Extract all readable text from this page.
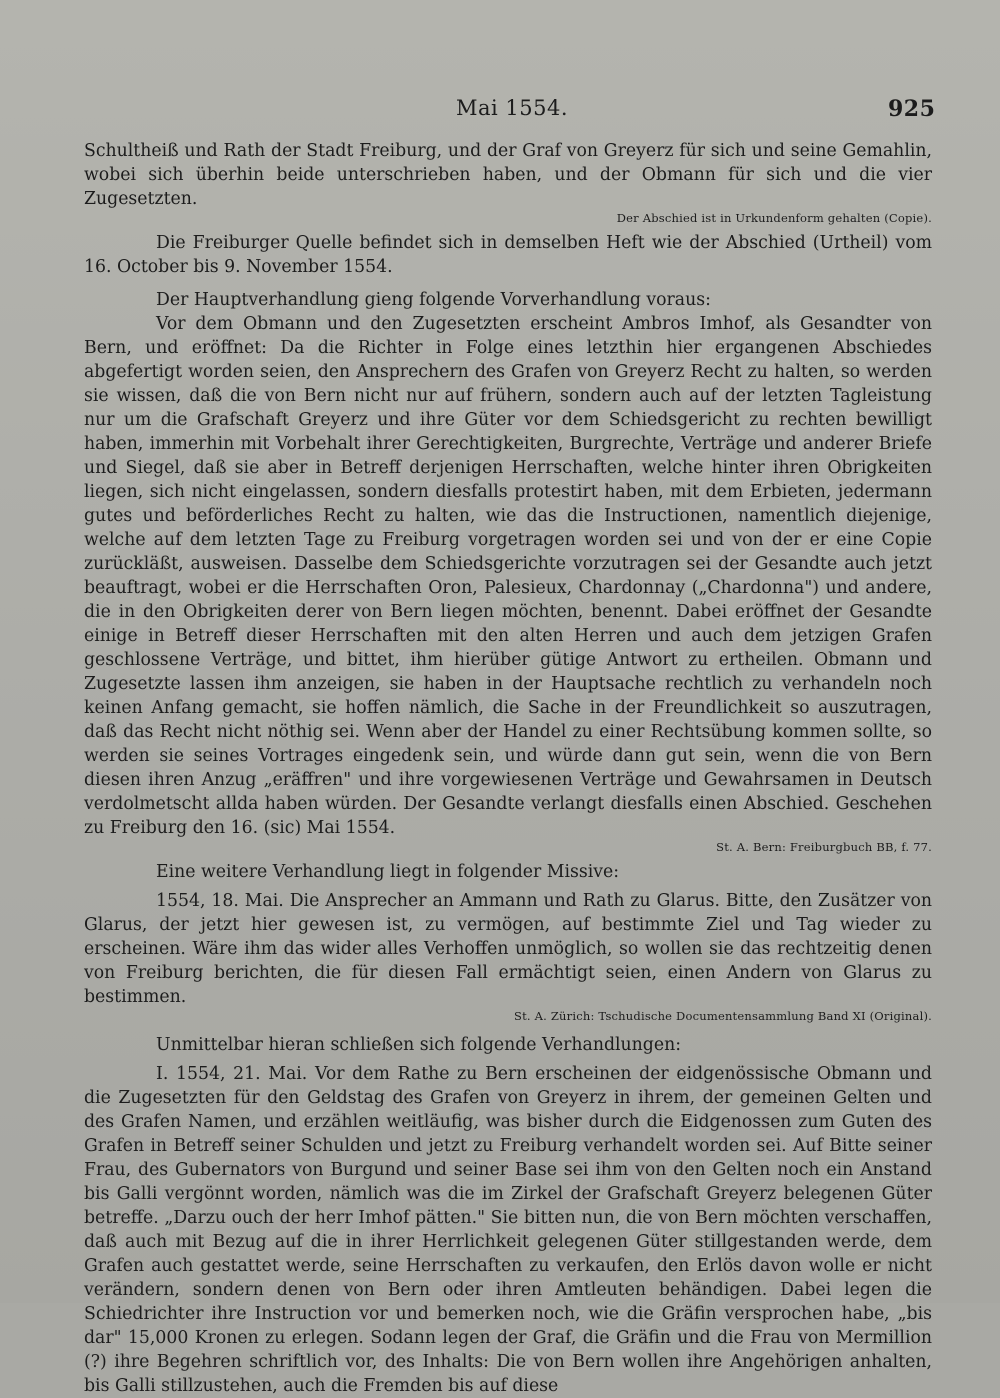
Mai 1554.	925

Schultheiß und Rath der Stadt Freiburg, und der Graf von Greyerz für sich und seine Gemahlin, wobei sich überhin beide unterschrieben haben, und der Obmann für sich und die vier Zugesetzten.

Der Abschied ist in Urkundenform gehalten (Copie).

Die Freiburger Quelle befindet sich in demselben Heft wie der Abschied (Urtheil) vom 16. October bis 9. November 1554.

Der Hauptverhandlung gieng folgende Vorverhandlung voraus:

Vor dem Obmann und den Zugesetzten erscheint Ambros Imhof, als Gesandter von Bern, und eröffnet: Da die Richter in Folge eines letzthin hier ergangenen Abschiedes abgefertigt worden seien, den Ansprechern des Grafen von Greyerz Recht zu halten, so werden sie wissen, daß die von Bern nicht nur auf frühern, sondern auch auf der letzten Tagleistung nur um die Grafschaft Greyerz und ihre Güter vor dem Schiedsgericht zu rechten bewilligt haben, immerhin mit Vorbehalt ihrer Gerechtigkeiten, Burgrechte, Verträge und anderer Briefe und Siegel, daß sie aber in Betreff derjenigen Herrschaften, welche hinter ihren Obrigkeiten liegen, sich nicht eingelassen, sondern diesfalls protestirt haben, mit dem Erbieten, jedermann gutes und beförderliches Recht zu halten, wie das die Instructionen, namentlich diejenige, welche auf dem letzten Tage zu Freiburg vorgetragen worden sei und von der er eine Copie zurückläßt, ausweisen. Dasselbe dem Schiedsgerichte vorzutragen sei der Gesandte auch jetzt beauftragt, wobei er die Herrschaften Oron, Palesieux, Chardonnay („Chardonna") und andere, die in den Obrigkeiten derer von Bern liegen möchten, benennt. Dabei eröffnet der Gesandte einige in Betreff dieser Herrschaften mit den alten Herren und auch dem jetzigen Grafen geschlossene Verträge, und bittet, ihm hierüber gütige Antwort zu ertheilen. Obmann und Zugesetzte lassen ihm anzeigen, sie haben in der Hauptsache rechtlich zu verhandeln noch keinen Anfang gemacht, sie hoffen nämlich, die Sache in der Freundlichkeit so auszutragen, daß das Recht nicht nöthig sei. Wenn aber der Handel zu einer Rechtsübung kommen sollte, so werden sie seines Vortrages eingedenk sein, und würde dann gut sein, wenn die von Bern diesen ihren Anzug „eräffren" und ihre vorgewiesenen Verträge und Gewahrsamen in Deutsch verdolmetscht allda haben würden. Der Gesandte verlangt diesfalls einen Abschied. Geschehen zu Freiburg den 16. (sic) Mai 1554.

St. A. Bern: Freiburgbuch BB, f. 77.

Eine weitere Verhandlung liegt in folgender Missive:

1554, 18. Mai. Die Ansprecher an Ammann und Rath zu Glarus. Bitte, den Zusätzer von Glarus, der jetzt hier gewesen ist, zu vermögen, auf bestimmte Ziel und Tag wieder zu erscheinen. Wäre ihm das wider alles Verhoffen unmöglich, so wollen sie das rechtzeitig denen von Freiburg berichten, die für diesen Fall ermächtigt seien, einen Andern von Glarus zu bestimmen.

St. A. Zürich: Tschudische Documentensammlung Band XI (Original).

Unmittelbar hieran schließen sich folgende Verhandlungen:

I. 1554, 21. Mai. Vor dem Rathe zu Bern erscheinen der eidgenössische Obmann und die Zugesetzten für den Geldstag des Grafen von Greyerz in ihrem, der gemeinen Gelten und des Grafen Namen, und erzählen weitläufig, was bisher durch die Eidgenossen zum Guten des Grafen in Betreff seiner Schulden und jetzt zu Freiburg verhandelt worden sei. Auf Bitte seiner Frau, des Gubernators von Burgund und seiner Base sei ihm von den Gelten noch ein Anstand bis Galli vergönnt worden, nämlich was die im Zirkel der Grafschaft Greyerz belegenen Güter betreffe. „Darzu ouch der herr Imhof pätten." Sie bitten nun, die von Bern möchten verschaffen, daß auch mit Bezug auf die in ihrer Herrlichkeit gelegenen Güter stillgestanden werde, dem Grafen auch gestattet werde, seine Herrschaften zu verkaufen, den Erlös davon wolle er nicht verändern, sondern denen von Bern oder ihren Amtleuten behändigen. Dabei legen die Schiedrichter ihre Instruction vor und bemerken noch, wie die Gräfin versprochen habe, „bis dar" 15,000 Kronen zu erlegen. Sodann legen der Graf, die Gräfin und die Frau von Mermillion (?) ihre Begehren schriftlich vor, des Inhalts: Die von Bern wollen ihre Angehörigen anhalten, bis Galli stillzustehen, auch die Fremden bis auf diese
